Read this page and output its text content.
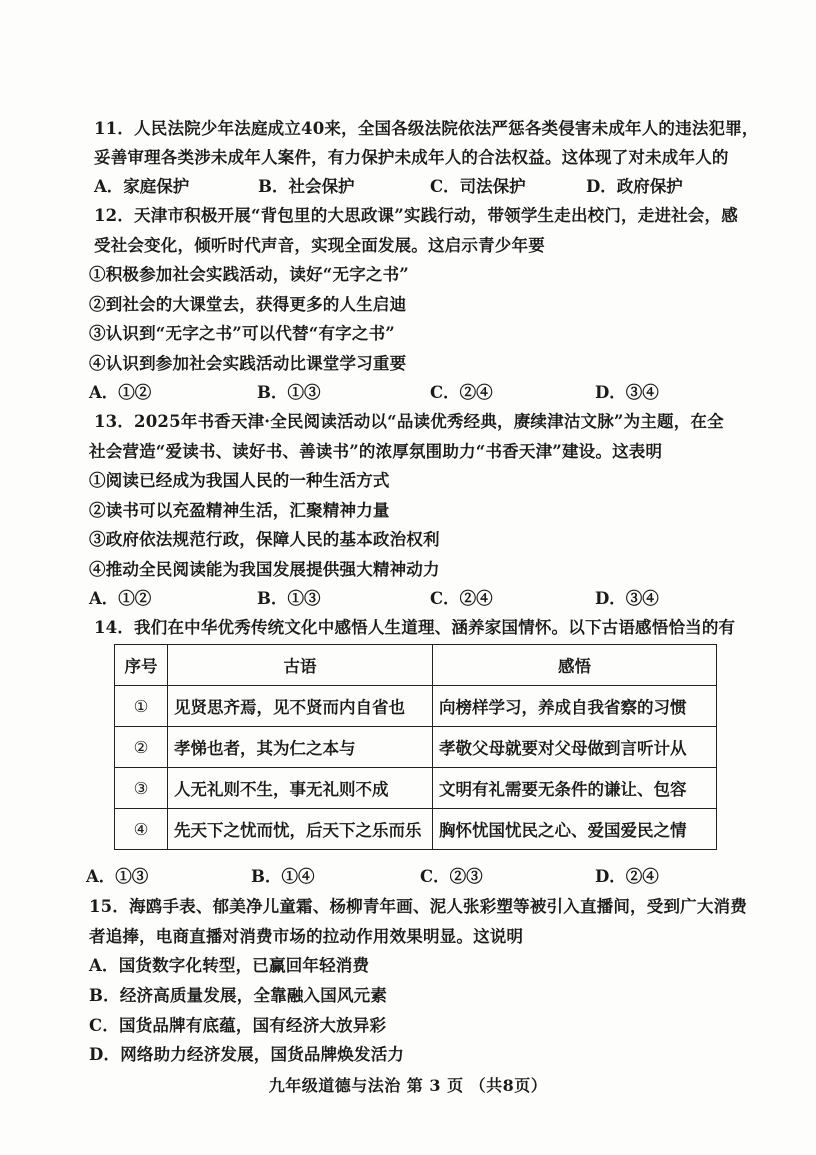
11．人民法院少年法庭成立40来，全国各级法院依法严惩各类侵害未成年人的违法犯罪，
妥善审理各类涉未成年人案件，有力保护未成年人的合法权益。这体现了对未成年人的
A．家庭保护	B．社会保护	C．司法保护	D．政府保护
12．天津市积极开展“背包里的大思政课”实践行动，带领学生走出校门，走进社会，感
受社会变化，倾听时代声音，实现全面发展。这启示青少年要
①积极参加社会实践活动，读好“无字之书”
②到社会的大课堂去，获得更多的人生启迪
③认识到“无字之书”可以代替“有字之书”
④认识到参加社会实践活动比课堂学习重要
A．①②	B．①③	C．②④	D．③④
13．2025年书香天津·全民阅读活动以“品读优秀经典，赓续津沽文脉”为主题，在全
社会营造“爱读书、读好书、善读书”的浓厚氛围助力“书香天津”建设。这表明
①阅读已经成为我国人民的一种生活方式
②读书可以充盈精神生活，汇聚精神力量
③政府依法规范行政，保障人民的基本政治权利
④推动全民阅读能为我国发展提供强大精神动力
A．①②	B．①③	C．②④	D．③④
14．我们在中华优秀传统文化中感悟人生道理、涵养家国情怀。以下古语感悟恰当的有
序号	古语	感悟
①	见贤思齐焉，见不贤而内自省也	向榜样学习，养成自我省察的习惯
②	孝悌也者，其为仁之本与	孝敬父母就要对父母做到言听计从
③	人无礼则不生，事无礼则不成	文明有礼需要无条件的谦让、包容
④	先天下之忧而忧，后天下之乐而乐	胸怀忧国忧民之心、爱国爱民之情
A．①③	B．①④	C．②③	D．②④
15．海鸥手表、郁美净儿童霜、杨柳青年画、泥人张彩塑等被引入直播间，受到广大消费
者追捧，电商直播对消费市场的拉动作用效果明显。这说明
A．国货数字化转型，已赢回年轻消费
B．经济高质量发展，全靠融入国风元素
C．国货品牌有底蕴，国有经济大放异彩
D．网络助力经济发展，国货品牌焕发活力
九年级道德与法治 第 3 页 （共8页）
